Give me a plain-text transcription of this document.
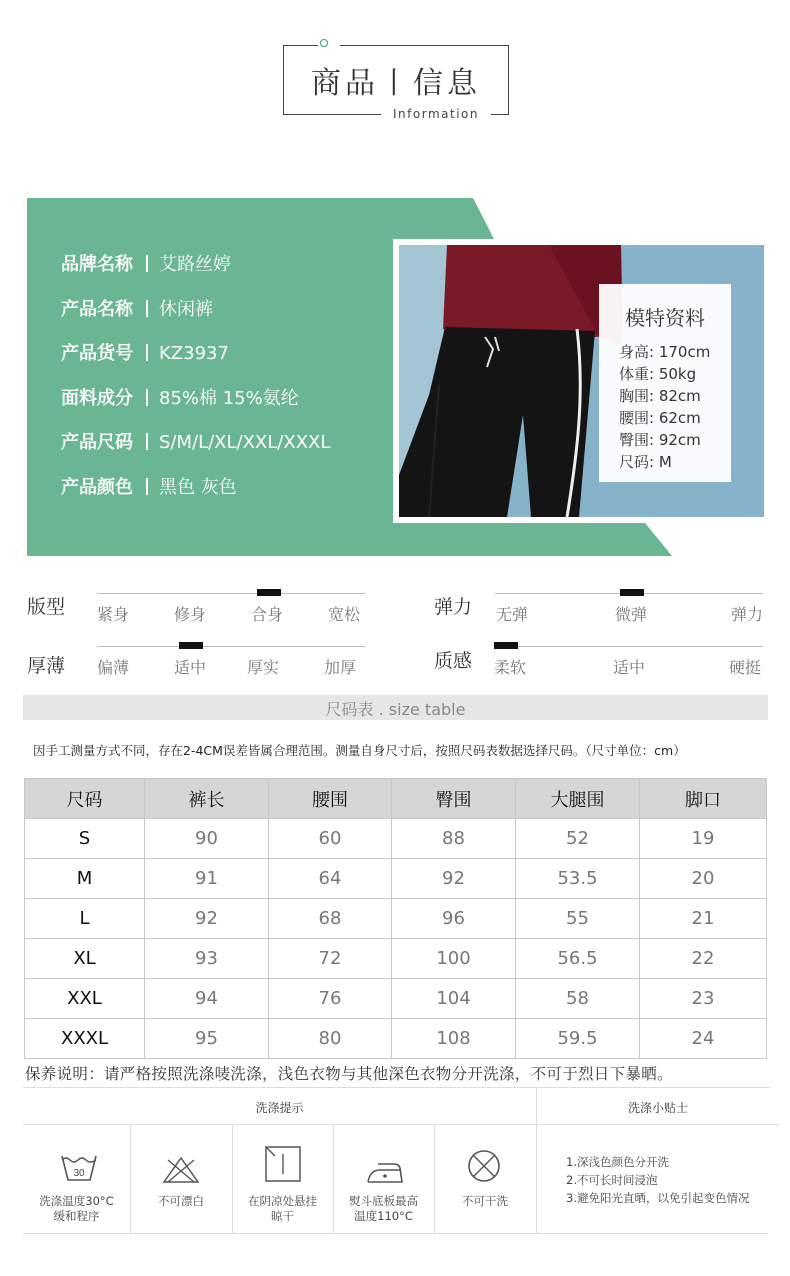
商品丨信息
Information
品牌名称 艾路丝婷
产品名称 休闲裤
产品货号 KZ3937
面料成分 85%棉 15%氨纶
产品尺码 S/M/L/XL/XXL/XXXL
产品颜色 黑色 灰色
模特资料
身高: 170cm
体重: 50kg
胸围: 82cm
腰围: 62cm
臀围: 92cm
尺码: M
版型 紧身	修身	合身	宽松	弹力 无弹	微弹	弹力
厚薄 偏薄	适中	厚实	加厚	质感 柔软	适中	硬挺
尺码表 . size table
因手工测量方式不同，存在2-4CM误差皆属合理范围。测量自身尺寸后，按照尺码表数据选择尺码。（尺寸单位：cm）
尺码	裤长	腰围	臀围	大腿围	脚口
S	90	60	88	52	19
M	91	64	92	53.5	20
L	92	68	96	55	21
XL	93	72	100	56.5	22
XXL	94	76	104	58	23
XXXL	95	80	108	59.5	24
保养说明：请严格按照洗涤唛洗涤，浅色衣物与其他深色衣物分开洗涤，不可于烈日下暴晒。
洗涤提示	洗涤小贴士
30
洗涤温度30°C
缓和程序
不可漂白	在阴凉处悬挂
晾干
熨斗底板最高
温度110°C
不可干洗
1.深浅色颜色分开洗
2.不可长时间浸泡
3.避免阳光直晒，以免引起变色情况
